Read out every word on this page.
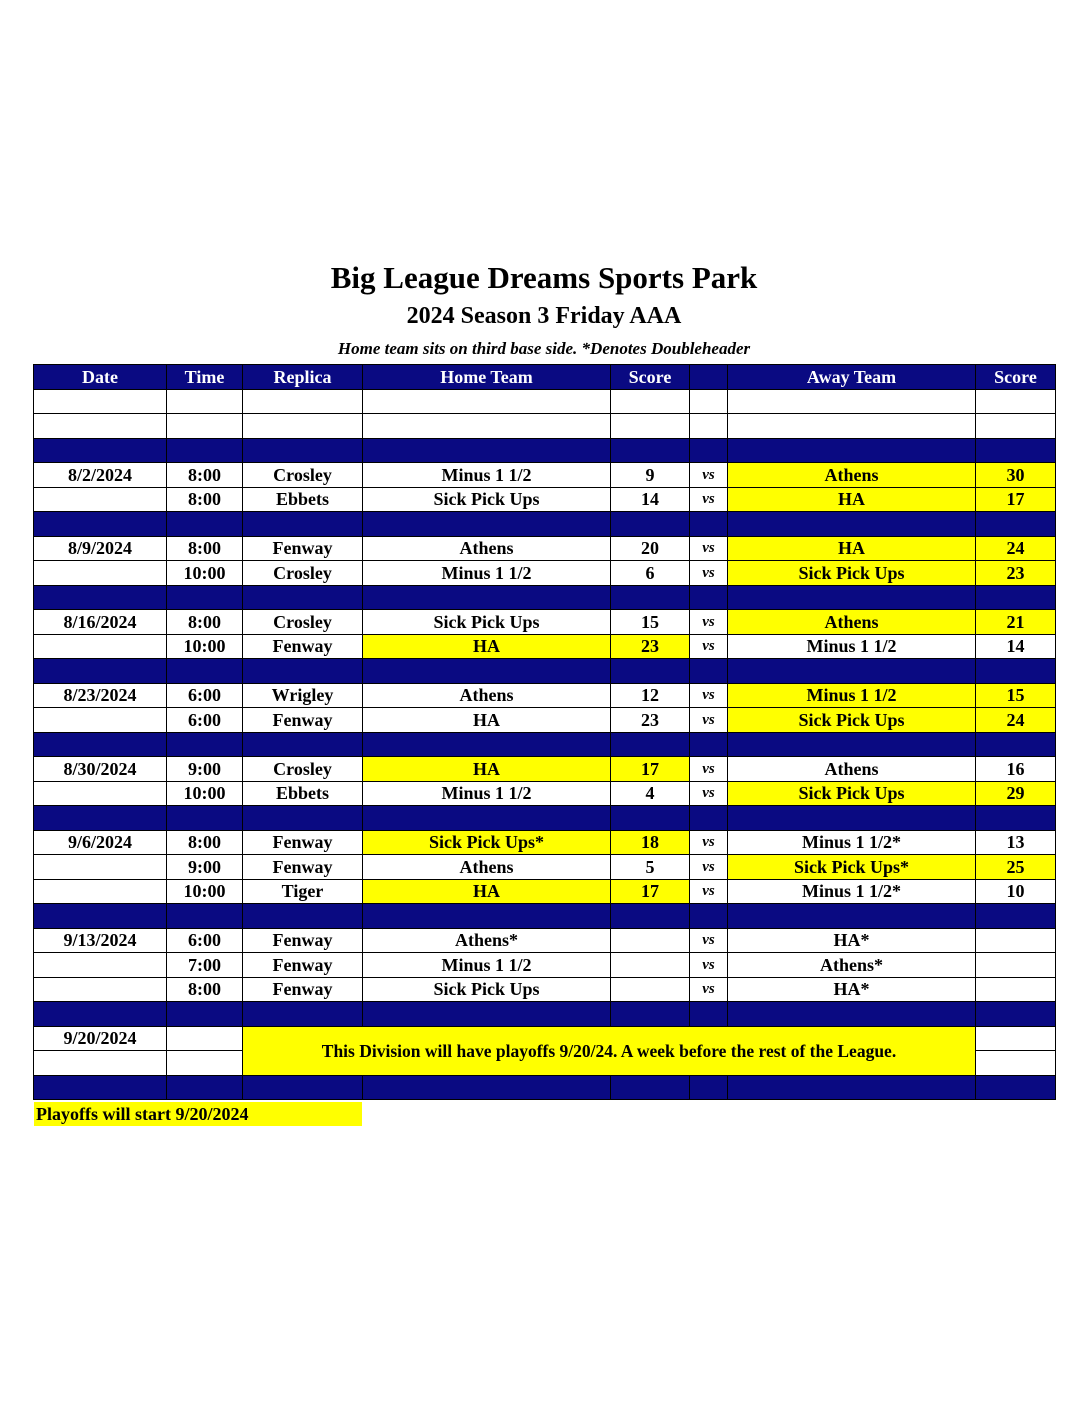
Big League Dreams Sports Park
2024 Season 3 Friday AAA
Home team sits on third base side. *Denotes Doubleheader
Date	Time	Replica	Home Team	Score		Away Team	Score

8/2/2024	8:00	Crosley	Minus 1 1/2	9	vs	Athens	30
	8:00	Ebbets	Sick Pick Ups	14	vs	HA	17

8/9/2024	8:00	Fenway	Athens	20	vs	HA	24
	10:00	Crosley	Minus 1 1/2	6	vs	Sick Pick Ups	23

8/16/2024	8:00	Crosley	Sick Pick Ups	15	vs	Athens	21
	10:00	Fenway	HA	23	vs	Minus 1 1/2	14

8/23/2024	6:00	Wrigley	Athens	12	vs	Minus 1 1/2	15
	6:00	Fenway	HA	23	vs	Sick Pick Ups	24

8/30/2024	9:00	Crosley	HA	17	vs	Athens	16
	10:00	Ebbets	Minus 1 1/2	4	vs	Sick Pick Ups	29

9/6/2024	8:00	Fenway	Sick Pick Ups*	18	vs	Minus 1 1/2*	13
	9:00	Fenway	Athens	5	vs	Sick Pick Ups*	25
	10:00	Tiger	HA	17	vs	Minus 1 1/2*	10

9/13/2024	6:00	Fenway	Athens*		vs	HA*	
	7:00	Fenway	Minus 1 1/2		vs	Athens*	
	8:00	Fenway	Sick Pick Ups		vs	HA*	

9/20/2024		This Division will have playoffs 9/20/24. A week before the rest of the League.					

Playoffs will start 9/20/2024
